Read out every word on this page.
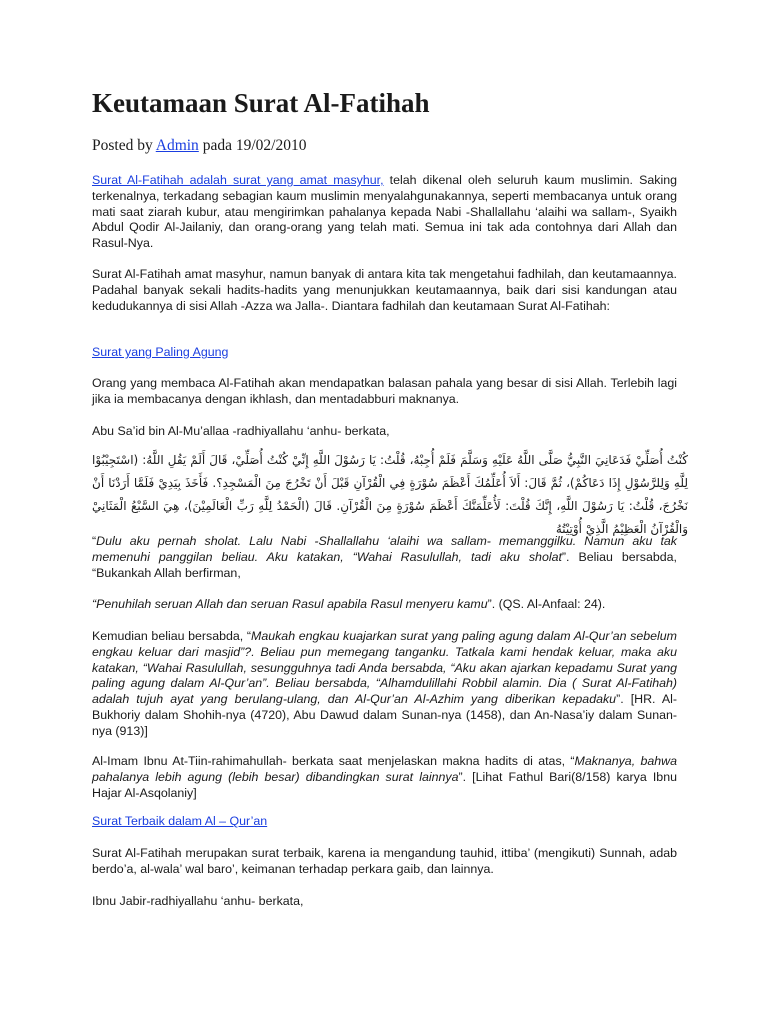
Keutamaan Surat Al-Fatihah
Posted by Admin pada 19/02/2010

Surat Al-Fatihah adalah surat yang amat masyhur, telah dikenal oleh seluruh kaum muslimin. Saking terkenalnya, terkadang sebagian kaum muslimin menyalahgunakannya, seperti membacanya untuk orang mati saat ziarah kubur, atau mengirimkan pahalanya kepada Nabi -Shallallahu ‘alaihi wa sallam-, Syaikh Abdul Qodir Al-Jailaniy, dan orang-orang yang telah mati. Semua ini tak ada contohnya dari Allah dan Rasul-Nya.

Surat Al-Fatihah amat masyhur, namun banyak di antara kita tak mengetahui fadhilah, dan keutamaannya. Padahal banyak sekali hadits-hadits yang menunjukkan keutamaannya, baik dari sisi kandungan atau kedudukannya di sisi Allah -Azza wa Jalla-. Diantara fadhilah dan keutamaan Surat Al-Fatihah:

Surat yang Paling Agung

Orang yang membaca Al-Fatihah akan mendapatkan balasan pahala yang besar di sisi Allah. Terlebih lagi jika ia membacanya dengan ikhlash, dan mentadabburi maknanya.

Abu Sa’id bin Al-Mu’allaa -radhiyallahu ‘anhu- berkata,

كُنْتُ أُصَلِّيْ فَدَعَانِيَ النَّبِيُّ صَلَّى اللَّهُ عَلَيْهِ وَسَلَّمَ فَلَمْ أُجِبْهُ، قُلْتُ: يَا رَسُوْلَ اللَّهِ إِنِّيْ كُنْتُ أُصَلِّيْ، قَالَ أَلَمْ يَقُلِ اللَّهُ: (اسْتَجِيْبُوْا لِلَّهِ وَلِلرَّسُوْلِ إِذَا دَعَاكُمْ)، ثُمَّ قَالَ: أَلاَ أُعَلِّمُكَ أَعْظَمَ سُوْرَةٍ فِي الْقُرْآنِ قَبْلَ أَنْ تَخْرُجَ مِنَ الْمَسْجِدِ؟. فَأَخَذَ بِيَدِيْ فَلَمَّا أَرَدْنَا أَنْ نَخْرُجَ، قُلْتُ: يَا رَسُوْلَ اللَّهِ، إِنَّكَ قُلْتَ: لَأُعَلِّمَنَّكَ أَعْظَمَ سُوْرَةٍ مِنَ الْقُرْآنِ. قَالَ (الْحَمْدُ لِلَّهِ رَبِّ الْعَالَمِيْنَ)، هِيَ السَّبْعُ الْمَثَانِيْ وَالْقُرْآنُ الْعَظِيْمُ الَّذِيْ أُوْتِيْتُهُ

“Dulu aku pernah sholat. Lalu Nabi -Shallallahu ‘alaihi wa sallam- memanggilku. Namun aku tak memenuhi panggilan beliau. Aku katakan, “Wahai Rasulullah, tadi aku sholat”. Beliau bersabda, “Bukankah Allah berfirman,

“Penuhilah seruan Allah dan seruan Rasul apabila Rasul menyeru kamu”. (QS. Al-Anfaal: 24).

Kemudian beliau bersabda, “Maukah engkau kuajarkan surat yang paling agung dalam Al-Qur’an sebelum engkau keluar dari masjid”?. Beliau pun memegang tanganku. Tatkala kami hendak keluar, maka aku katakan, “Wahai Rasulullah, sesungguhnya tadi Anda bersabda, “Aku akan ajarkan kepadamu Surat yang paling agung dalam Al-Qur’an”. Beliau bersabda, “Alhamdulillahi Robbil alamin. Dia ( Surat Al-Fatihah) adalah tujuh ayat yang berulang-ulang, dan Al-Qur’an Al-Azhim yang diberikan kepadaku”. [HR. Al-Bukhoriy dalam Shohih-nya (4720), Abu Dawud dalam Sunan-nya (1458), dan An-Nasa’iy dalam Sunan-nya (913)]

Al-Imam Ibnu At-Tiin-rahimahullah- berkata saat menjelaskan makna hadits di atas, “Maknanya, bahwa pahalanya lebih agung (lebih besar) dibandingkan surat lainnya”. [Lihat Fathul Bari(8/158) karya Ibnu Hajar Al-Asqolaniy]

Surat Terbaik dalam Al – Qur’an

Surat Al-Fatihah merupakan surat terbaik, karena ia mengandung tauhid, ittiba’ (mengikuti) Sunnah, adab berdo’a, al-wala’ wal baro’, keimanan terhadap perkara gaib, dan lainnya.

Ibnu Jabir-radhiyallahu ‘anhu- berkata,
